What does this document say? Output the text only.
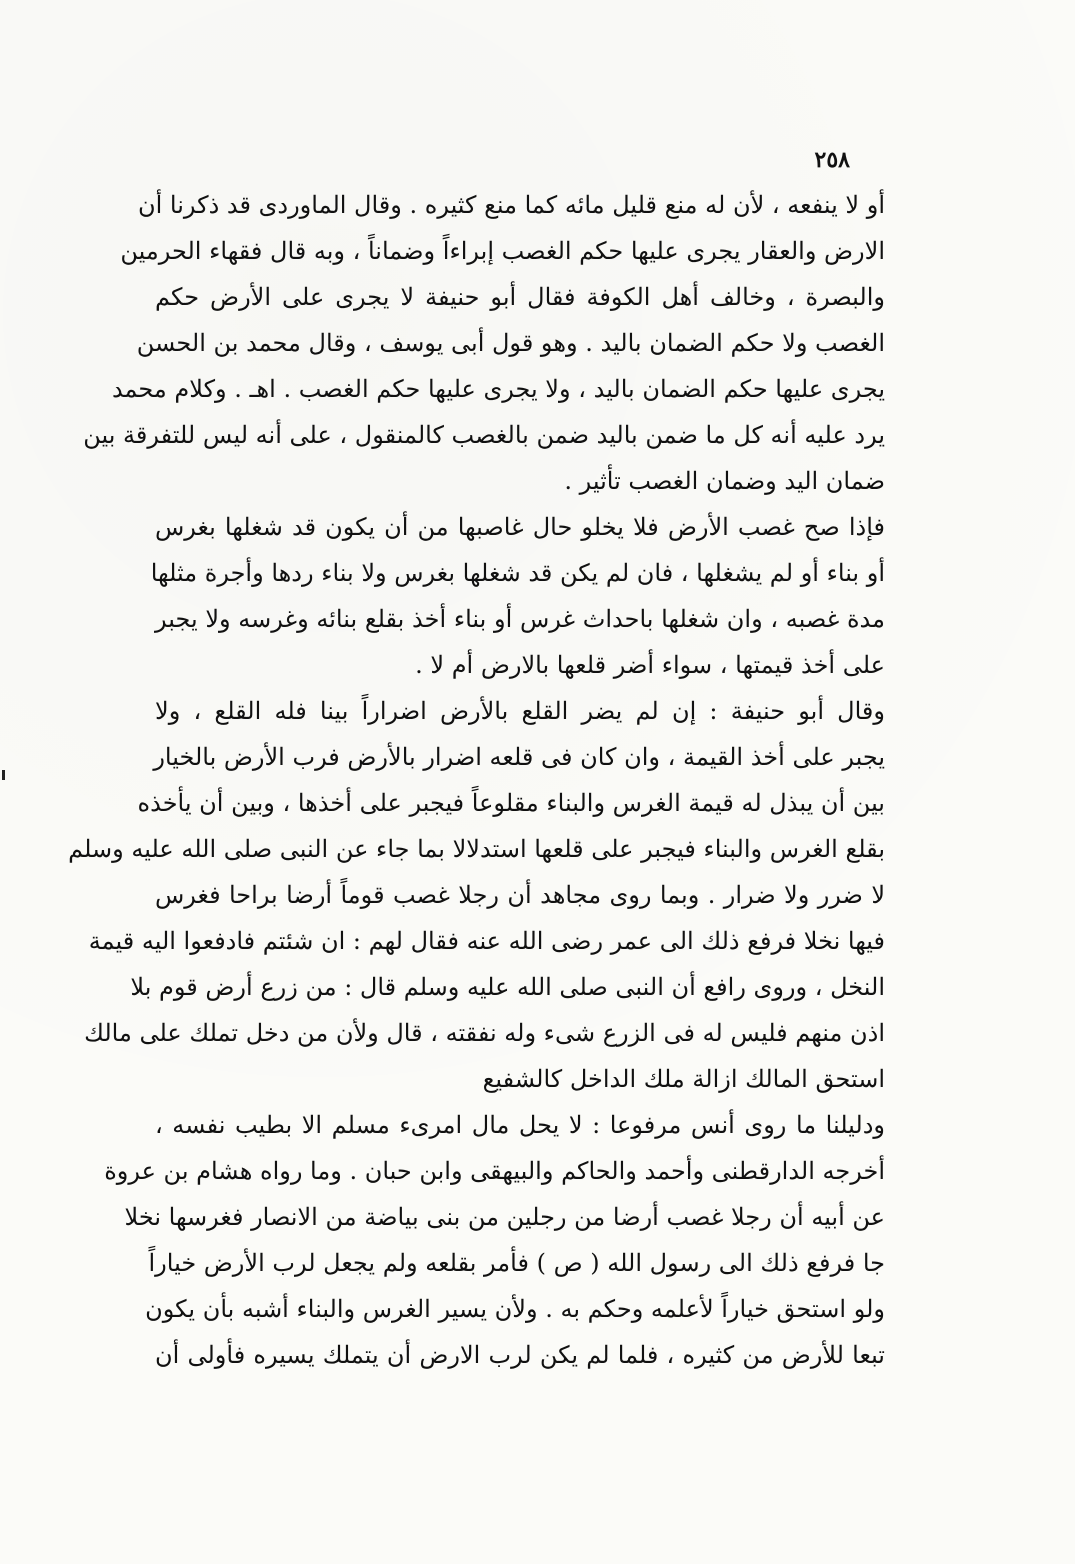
٢٥٨
أو لا ينفعه ، لأن له منع قليل مائه كما منع كثيره . وقال الماوردى قد ذكرنا أن
الارض والعقار يجرى عليها حكم الغصب إبراءاً وضماناً ، وبه قال فقهاء الحرمين
والبصرة ، وخالف أهل الكوفة فقال أبو حنيفة لا يجرى على الأرض حكم
الغصب ولا حكم الضمان باليد . وهو قول أبى يوسف ، وقال محمد بن الحسن
يجرى عليها حكم الضمان باليد ، ولا يجرى عليها حكم الغصب . اهـ . وكلام محمد
يرد عليه أنه كل ما ضمن باليد ضمن بالغصب كالمنقول ، على أنه ليس للتفرقة بين
ضمان اليد وضمان الغصب تأثير .
فإذا صح غصب الأرض فلا يخلو حال غاصبها من أن يكون قد شغلها بغرس
أو بناء أو لم يشغلها ، فان لم يكن قد شغلها بغرس ولا بناء ردها وأجرة مثلها
مدة غصبه ، وان شغلها باحداث غرس أو بناء أخذ بقلع بنائه وغرسه ولا يجبر
على أخذ قيمتها ، سواء أضر قلعها بالارض أم لا .
وقال أبو حنيفة : إن لم يضر القلع بالأرض اضراراً بينا فله القلع ، ولا
يجبر على أخذ القيمة ، وان كان فى قلعه اضرار بالأرض فرب الأرض بالخيار
بين أن يبذل له قيمة الغرس والبناء مقلوعاً فيجبر على أخذها ، وبين أن يأخذه
بقلع الغرس والبناء فيجبر على قلعها استدلالا بما جاء عن النبى صلى الله عليه وسلم
لا ضرر ولا ضرار . وبما روى مجاهد أن رجلا غصب قوماً أرضا براحا فغرس
فيها نخلا فرفع ذلك الى عمر رضى الله عنه فقال لهم : ان شئتم فادفعوا اليه قيمة
النخل ، وروى رافع أن النبى صلى الله عليه وسلم قال : من زرع أرض قوم بلا
اذن منهم فليس له فى الزرع شىء وله نفقته ، قال ولأن من دخل تملك على مالك
استحق المالك ازالة ملك الداخل كالشفيع
ودليلنا ما روى أنس مرفوعا : لا يحل مال امرىء مسلم الا بطيب نفسه ،
أخرجه الدارقطنى وأحمد والحاكم والبيهقى وابن حبان . وما رواه هشام بن عروة
عن أبيه أن رجلا غصب أرضا من رجلين من بنى بياضة من الانصار فغرسها نخلا
جا فرفع ذلك الى رسول الله ( ص ) فأمر بقلعه ولم يجعل لرب الأرض خياراً
ولو استحق خياراً لأعلمه وحكم به . ولأن يسير الغرس والبناء أشبه بأن يكون
تبعا للأرض من كثيره ، فلما لم يكن لرب الارض أن يتملك يسيره فأولى أن
